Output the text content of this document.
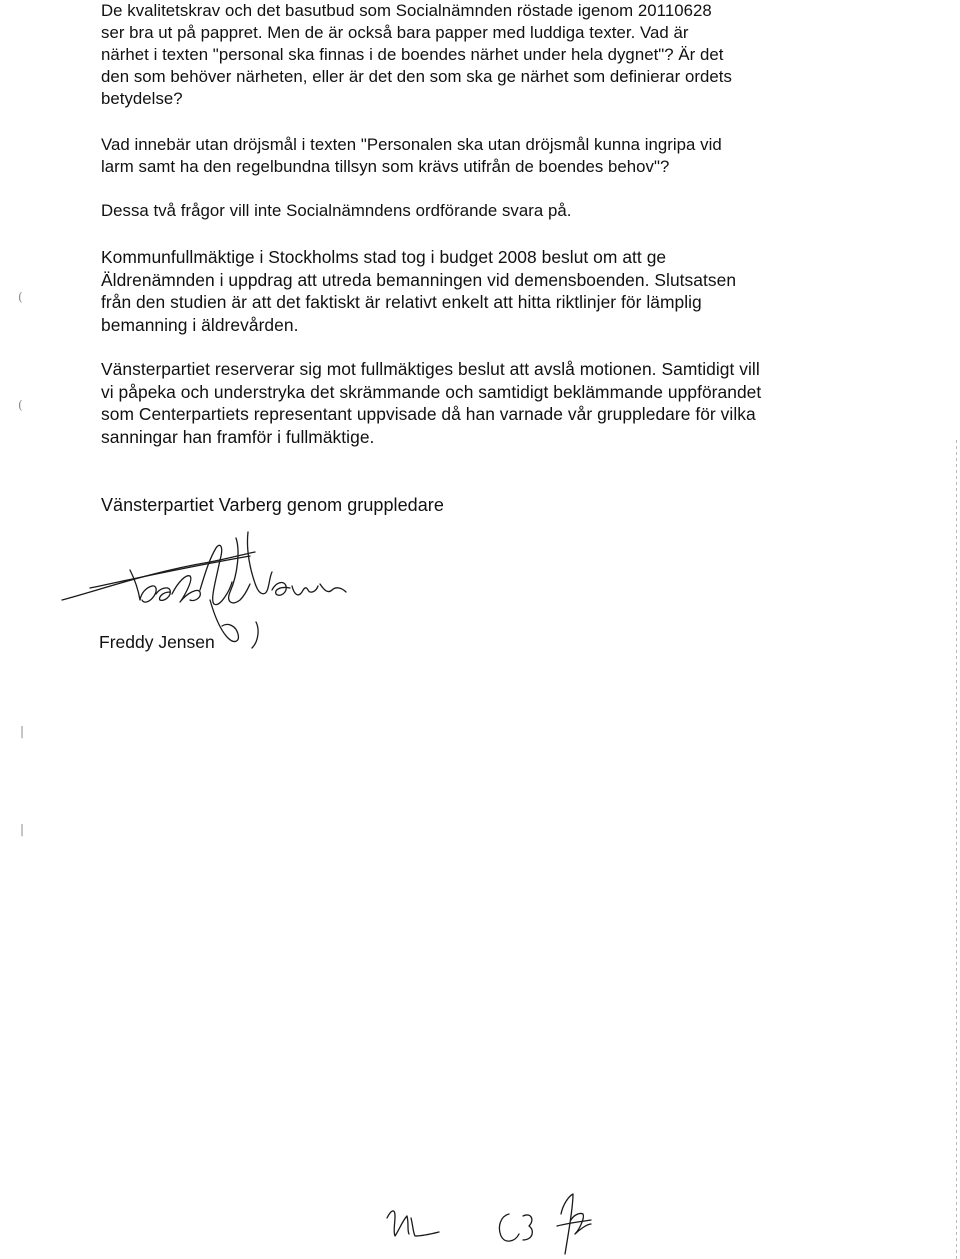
De kvalitetskrav och det basutbud som Socialnämnden röstade igenom 20110628
ser bra ut på pappret. Men de är också bara papper med luddiga texter. Vad är
närhet i texten "personal ska finnas i de boendes närhet under hela dygnet"? Är det
den som behöver närheten, eller är det den som ska ge närhet som definierar ordets
betydelse?
Vad innebär utan dröjsmål i texten "Personalen ska utan dröjsmål kunna ingripa vid
larm samt ha den regelbundna tillsyn som krävs utifrån de boendes behov"?
Dessa två frågor vill inte Socialnämndens ordförande svara på.
Kommunfullmäktige i Stockholms stad tog i budget 2008 beslut om att ge
Äldrenämnden i uppdrag att utreda bemanningen vid demensboenden. Slutsatsen
från den studien är att det faktiskt är relativt enkelt att hitta riktlinjer för lämplig
bemanning i äldrevården.
Vänsterpartiet reserverar sig mot fullmäktiges beslut att avslå motionen. Samtidigt vill
vi påpeka och understryka det skrämmande och samtidigt beklämmande uppförandet
som Centerpartiets representant uppvisade då han varnade vår gruppledare för vilka
sanningar han framför i fullmäktige.
Vänsterpartiet Varberg genom gruppledare
Freddy Jensen
(
(
|
|
